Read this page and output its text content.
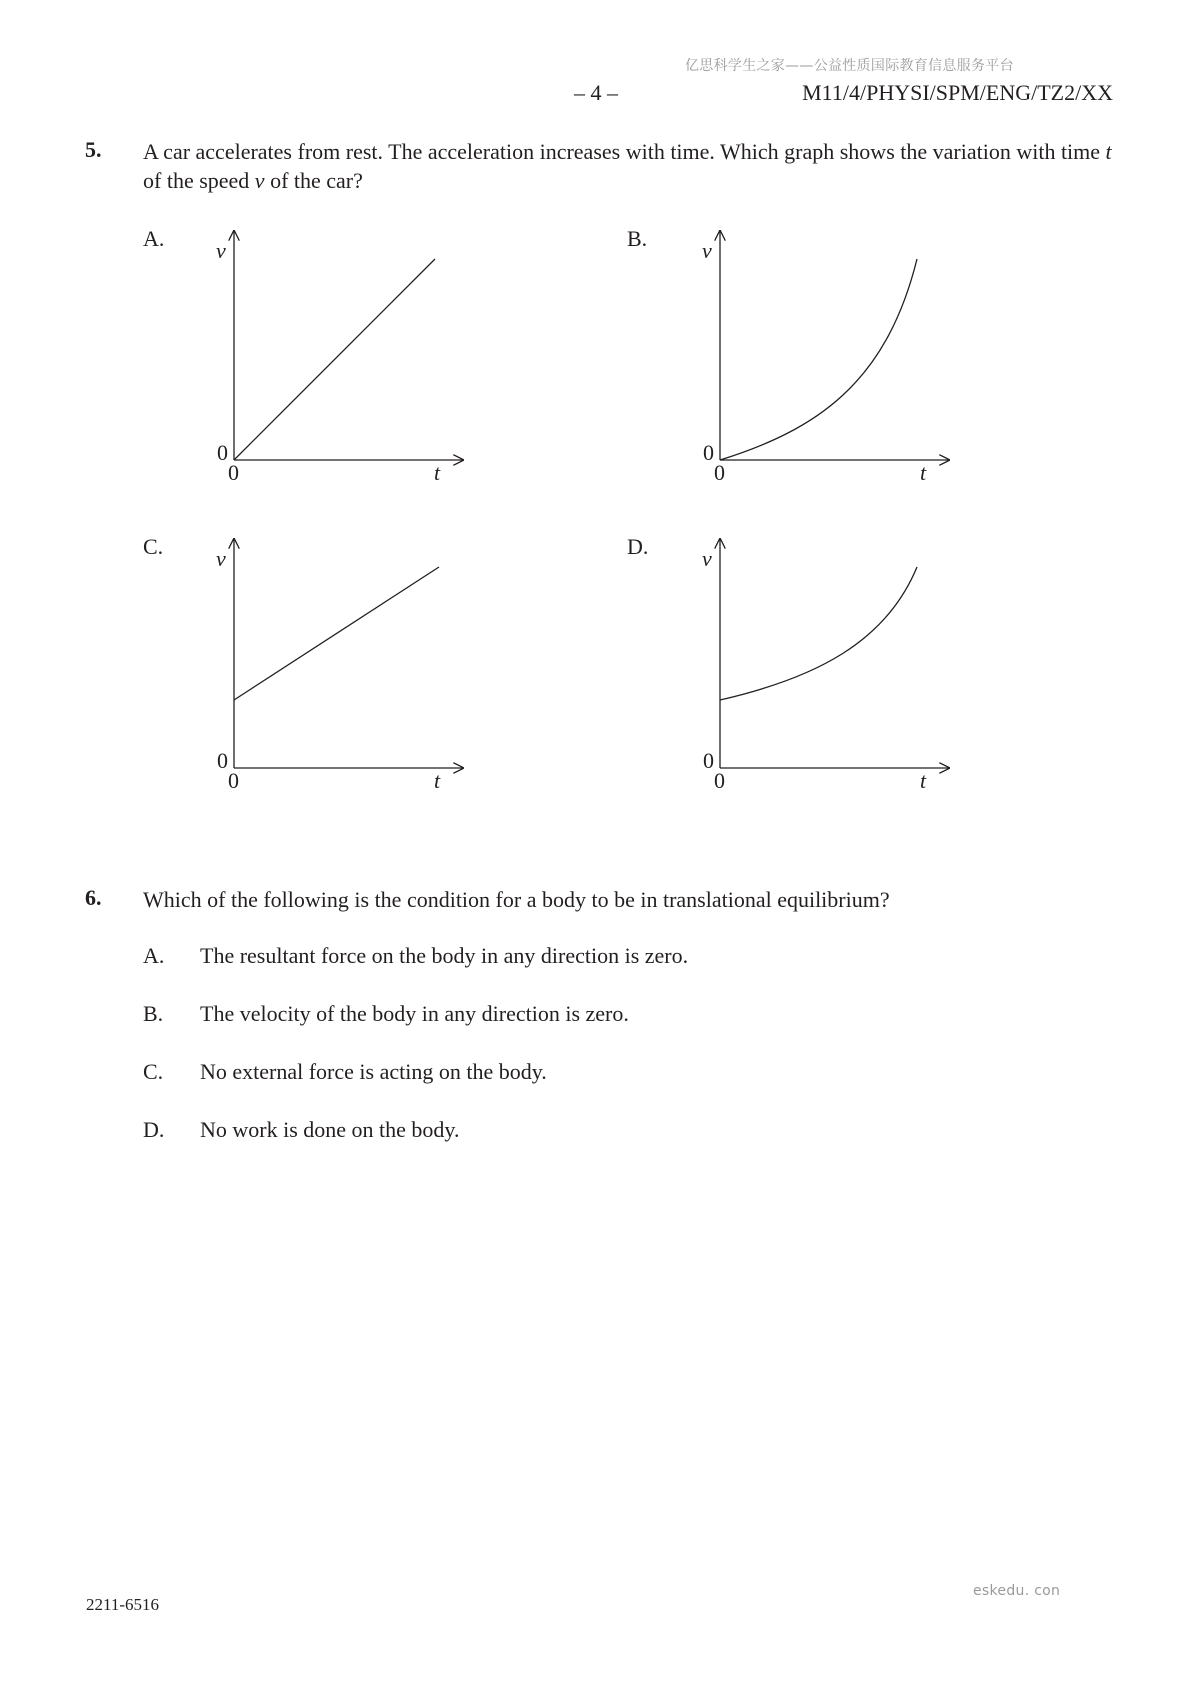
亿思科学生之家——公益性质国际教育信息服务平台
– 4 –	M11/4/PHYSI/SPM/ENG/TZ2/XX
5. A car accelerates from rest. The acceleration increases with time. Which graph shows the variation with time t of the speed v of the car?
A. v
0
0	t
B. v
0
0	t
C. v
0
0	t
D. v
0
0	t
6. Which of the following is the condition for a body to be in translational equilibrium?
A. The resultant force on the body in any direction is zero.
B. The velocity of the body in any direction is zero.
C. No external force is acting on the body.
D. No work is done on the body.
eskedu. con
2211-6516
